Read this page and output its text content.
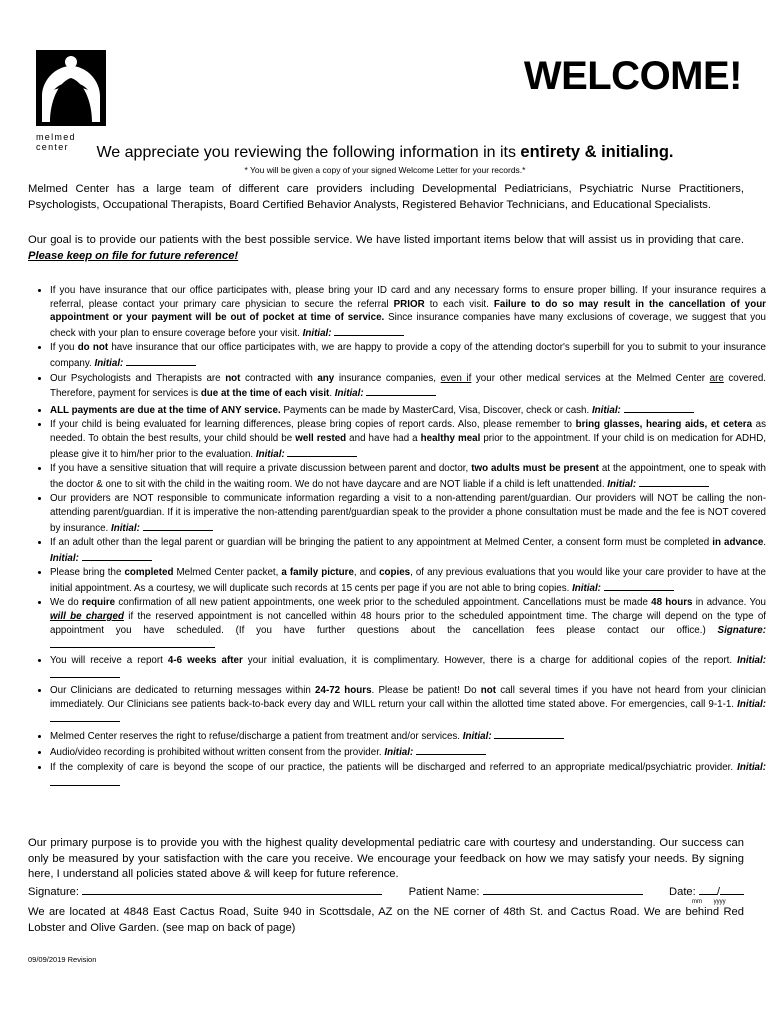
melmed center
WELCOME!
We appreciate you reviewing the following information in its entirety & initialing.
* You will be given a copy of your signed Welcome Letter for your records.*
Melmed Center has a large team of different care providers including Developmental Pediatricians, Psychiatric Nurse Practitioners, Psychologists, Occupational Therapists, Board Certified Behavior Analysts, Registered Behavior Technicians, and Educational Specialists.
Our goal is to provide our patients with the best possible service. We have listed important items below that will assist us in providing that care. Please keep on file for future reference!
• If you have insurance that our office participates with, please bring your ID card and any necessary forms to ensure proper billing. If your insurance requires a referral, please contact your primary care physician to secure the referral PRIOR to each visit. Failure to do so may result in the cancellation of your appointment or your payment will be out of pocket at time of service. Since insurance companies have many exclusions of coverage, we suggest that you check with your plan to ensure coverage before your visit. Initial:
• If you do not have insurance that our office participates with, we are happy to provide a copy of the attending doctor's superbill for you to submit to your insurance company. Initial:
• Our Psychologists and Therapists are not contracted with any insurance companies, even if your other medical services at the Melmed Center are covered. Therefore, payment for services is due at the time of each visit. Initial:
• ALL payments are due at the time of ANY service. Payments can be made by MasterCard, Visa, Discover, check or cash. Initial:
• If your child is being evaluated for learning differences, please bring copies of report cards. Also, please remember to bring glasses, hearing aids, et cetera as needed. To obtain the best results, your child should be well rested and have had a healthy meal prior to the appointment. If your child is on medication for ADHD, please give it to him/her prior to the evaluation. Initial:
• If you have a sensitive situation that will require a private discussion between parent and doctor, two adults must be present at the appointment, one to speak with the doctor & one to sit with the child in the waiting room. We do not have daycare and are NOT liable if a child is left unattended. Initial:
• Our providers are NOT responsible to communicate information regarding a visit to a non-attending parent/guardian. Our providers will NOT be calling the non-attending parent/guardian. If it is imperative the non-attending parent/guardian speak to the provider a phone consultation must be made and the fee is NOT covered by insurance. Initial:
• If an adult other than the legal parent or guardian will be bringing the patient to any appointment at Melmed Center, a consent form must be completed in advance. Initial:
• Please bring the completed Melmed Center packet, a family picture, and copies, of any previous evaluations that you would like your care provider to have at the initial appointment. As a courtesy, we will duplicate such records at 15 cents per page if you are not able to bring copies. Initial:
• We do require confirmation of all new patient appointments, one week prior to the scheduled appointment. Cancellations must be made 48 hours in advance. You will be charged if the reserved appointment is not cancelled within 48 hours prior to the scheduled appointment time. The charge will depend on the type of appointment you have scheduled. (If you have further questions about the cancellation fees please contact our office.) Signature:
• You will receive a report 4-6 weeks after your initial evaluation, it is complimentary. However, there is a charge for additional copies of the report. Initial:
• Our Clinicians are dedicated to returning messages within 24-72 hours. Please be patient! Do not call several times if you have not heard from your clinician immediately. Our Clinicians see patients back-to-back every day and WILL return your call within the allotted time stated above. For emergencies, call 9-1-1. Initial:
• Melmed Center reserves the right to refuse/discharge a patient from treatment and/or services. Initial:
• Audio/video recording is prohibited without written consent from the provider. Initial:
• If the complexity of care is beyond the scope of our practice, the patients will be discharged and referred to an appropriate medical/psychiatric provider. Initial:
Our primary purpose is to provide you with the highest quality developmental pediatric care with courtesy and understanding. Our success can only be measured by your satisfaction with the care you receive. We encourage your feedback on how we may satisfy your needs. By signing here, I understand all policies stated above & will keep for future reference.
Signature:	Patient Name:	Date: /
mm yyyy
We are located at 4848 East Cactus Road, Suite 940 in Scottsdale, AZ on the NE corner of 48th St. and Cactus Road. We are behind Red Lobster and Olive Garden. (see map on back of page)
09/09/2019 Revision
